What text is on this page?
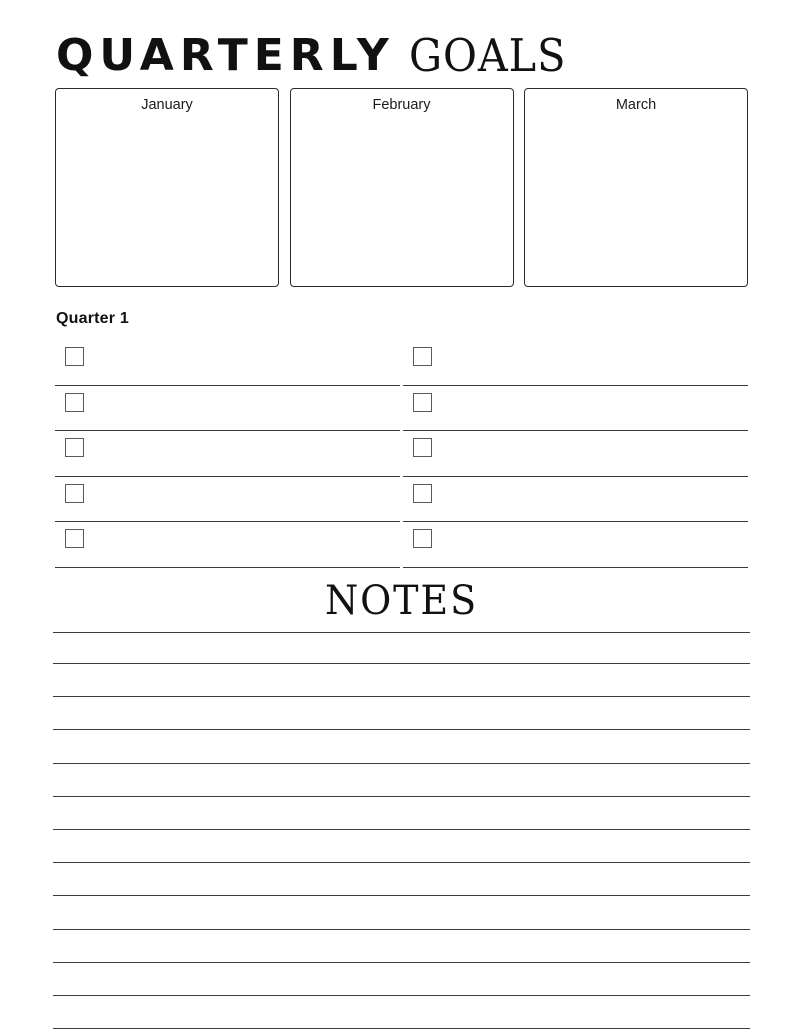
QUARTERLY GOALS
January	February	March
Quarter 1
NOTES
